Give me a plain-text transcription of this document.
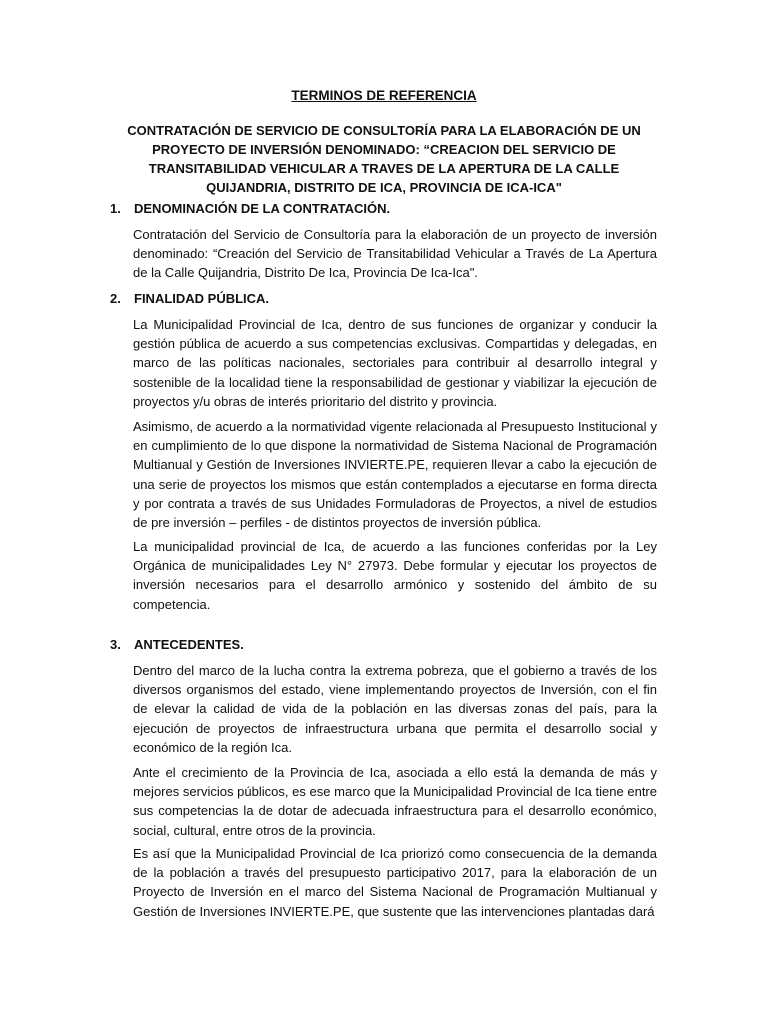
TERMINOS DE REFERENCIA
CONTRATACIÓN DE SERVICIO DE CONSULTORÍA PARA LA ELABORACIÓN DE UN PROYECTO DE INVERSIÓN DENOMINADO: “CREACION DEL SERVICIO DE TRANSITABILIDAD VEHICULAR A TRAVES DE LA APERTURA DE LA CALLE QUIJANDRIA, DISTRITO DE ICA, PROVINCIA DE ICA-ICA"
1. DENOMINACIÓN DE LA CONTRATACIÓN.
Contratación del Servicio de Consultoría para la elaboración de un proyecto de inversión denominado: “Creación del Servicio de Transitabilidad Vehicular a Través de La Apertura de la Calle Quijandria, Distrito De Ica, Provincia De Ica-Ica".
2. FINALIDAD PÚBLICA.
La Municipalidad Provincial de Ica, dentro de sus funciones de organizar y conducir la gestión pública de acuerdo a sus competencias exclusivas. Compartidas y delegadas, en marco de las políticas nacionales, sectoriales para contribuir al desarrollo integral y sostenible de la localidad tiene la responsabilidad de gestionar y viabilizar la ejecución de proyectos y/u obras de interés prioritario del distrito y provincia.
Asimismo, de acuerdo a la normatividad vigente relacionada al Presupuesto Institucional y en cumplimiento de lo que dispone la normatividad de Sistema Nacional de Programación Multianual y Gestión de Inversiones INVIERTE.PE, requieren llevar a cabo la ejecución de una serie de proyectos los mismos que están contemplados a ejecutarse en forma directa y por contrata a través de sus Unidades Formuladoras de Proyectos, a nivel de estudios de pre inversión – perfiles - de distintos proyectos de inversión pública.
La municipalidad provincial de Ica, de acuerdo a las funciones conferidas por la Ley Orgánica de municipalidades Ley N° 27973. Debe formular y ejecutar los proyectos de inversión necesarios para el desarrollo armónico y sostenido del ámbito de su competencia.
3. ANTECEDENTES.
Dentro del marco de la lucha contra la extrema pobreza, que el gobierno a través de los diversos organismos del estado, viene implementando proyectos de Inversión, con el fin de elevar la calidad de vida de la población en las diversas zonas del país, para la ejecución de proyectos de infraestructura urbana que permita el desarrollo social y económico de la región Ica.
Ante el crecimiento de la Provincia de Ica, asociada a ello está la demanda de más y mejores servicios públicos, es ese marco que la Municipalidad Provincial de Ica tiene entre sus competencias la de dotar de adecuada infraestructura para el desarrollo económico, social, cultural, entre otros de la provincia.
Es así que la Municipalidad Provincial de Ica priorizó como consecuencia de la demanda de la población a través del presupuesto participativo 2017, para la elaboración de un Proyecto de Inversión en el marco del Sistema Nacional de Programación Multianual y Gestión de Inversiones INVIERTE.PE, que sustente que las intervenciones plantadas dará
